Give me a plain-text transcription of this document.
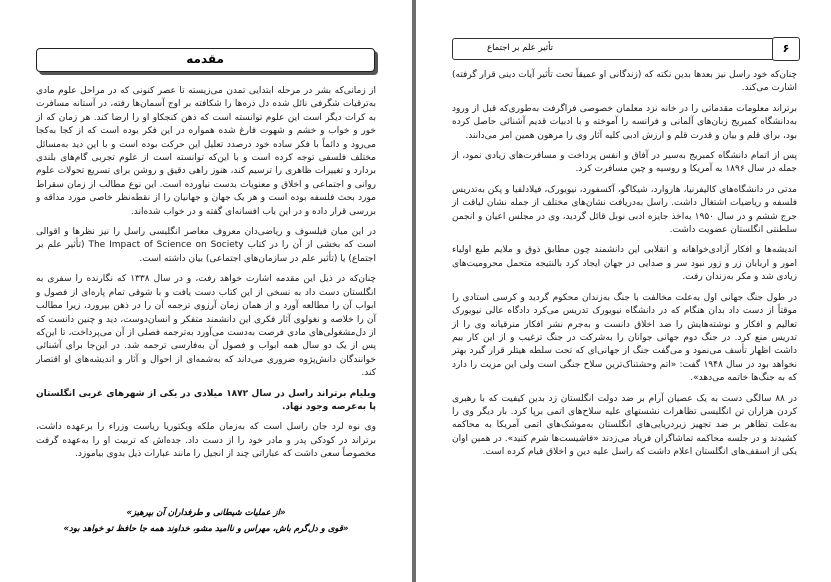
مقدمه

از زمانی‌که بشر در مرحله ابتدایی تمدن می‌زیسته تا عصر کنونی که در مراحل علوم مادی به‌ترقیات شگرفی نائل شده دل ذره‌ها را شکافته بر اوج آسمان‌ها رفته، در آستانه مسافرت به کرات دیگر است این علوم توانسته است که ذهن کنجکاو او را ارضا کند. هر زمان که از خور و خواب و خشم و شهوت فارغ شده همواره در این فکر بوده است که از کجا به‌کجا می‌رود و دائماً با فکر ساده خود درصدد تعلیل این حرکت بوده است و با این دید به‌مسائل مختلف فلسفی توجه کرده است و با این‌که توانسته است از علوم تجربی گام‌های بلندی بردارد و تغییرات ظاهری را ترسیم کند، هنوز راهی دقیق و روشن برای تسریع تحولات علوم روانی و اجتماعی و اخلاق و معنویات بدست نیاورده است. این نوع مطالب از زمان سقراط مورد بحث فلسفه بوده است و هر یک جهان و جهانیان را از نقطه‌نظر خاصی مورد مداقه و بررسی قرار داده و در این باب افسانه‌ای گفته و در خواب شده‌اند.

در این میان فیلسوف و ریاضی‌دان معروف معاصر انگلیسی راسل را نیز نظرها و اقوالی است که بخشی از آن را در کتاب The Impact of Science on Society (تأثیر علم بر اجتماع) یا (تأثیر علم در سازمان‌های اجتماعی) بیان داشته است.

چنان‌که در ذیل این مقدمه اشارت خواهد رفت، و در سال ۱۳۳۸ که نگارنده را سفری به انگلستان دست داد به نسخی از این کتاب دست یافت و با شوقی تمام پاره‌ای از فصول و ابواب آن را مطالعه آورد و از همان زمان آرزوی ترجمه آن را در ذهن بپرورد، زیرا مطالب آن را خلاصه و نغولوی آثار فکری این دانشمند متفکر و انسان‌دوست، دید و چنین دانست که از دل‌مشغولی‌های مادی فرصت به‌دست می‌آورد به‌ترجمه فصلی از آن می‌پرداخت، تا این‌که پس از یک دو سال همه ابواب و فصول آن به‌فارسی ترجمه شد. در این‌جا برای آشنائی خوانندگان دانش‌پژوه ضروری می‌داند که به‌شمه‌ای از احوال و آثار و اندیشه‌های او اقتصار کند.

ویلیام برتراند راسل در سال ۱۸۷۲ میلادی در یکی از شهرهای غربی انگلستان پا به‌عرصه وجود نهاد.

وی نوه لرد جان راسل است که به‌زمان ملکه ویکتوریا ریاست وزراء را برعهده داشت، برتراند در کودکی پدر و مادر خود را از دست داد. جده‌اش که تربیت او را به‌عهده گرفت مخصوصاً سعی داشت که عباراتی چند از انجیل را مانند عبارات ذیل بدوی بیاموزد.

«از عملیات شیطانی و طرفداران آن بپرهیز»
«قوی و دل‌گرم باش، مهراس و ناامید مشو، خداوند همه جا حافظ تو خواهد بود»
تأثیر علم بر اجتماع	۶

چنان‌که خود راسل نیز بعدها بدین نکته که (زندگانی او عمیقاً تحت تأثیر آیات دینی قرار گرفته) اشارت می‌کند.

برتراند معلومات مقدماتی را در خانه نزد معلمان خصوصی فراگرفت به‌طوری‌که قبل از ورود به‌دانشگاه کمبریج زبان‌های آلمانی و فرانسه را آموخته و با ادبیات قدیم آشنائی حاصل کرده بود، برای قلم و بیان و قدرت قلم و ارزش ادبی کلیه آثار وی را مرهون همین امر می‌دانند.

پس از اتمام دانشگاه کمبریج به‌سیر در آفاق و انفس پرداخت و مسافرت‌های زیادی نمود، از جمله در سال ۱۸۹۶ به آمریکا و روسیه و چین مسافرت کرد.

مدتی در دانشگاه‌های کالیفرنیا، هاروارد، شیکاگو، آکسفورد، نیویورک، فیلادلفیا و پکن به‌تدریس فلسفه و ریاضیات اشتغال داشت. راسل به‌دریافت نشان‌های مختلف از جمله نشان لیاقت از جرج ششم و در سال ۱۹۵۰ به‌اخذ جایزه ادبی نوبل قائل گردید، وی در مجلس اعیان و انجمن سلطنتی انگلستان عضویت داشت.

اندیشه‌ها و افکار آزادی‌خواهانه و انقلابی این دانشمند چون مطابق ذوق و ملایم طبع اولیاء امور و اربابان زر و زور نبود سر و صدایی در جهان ایجاد کرد بالنتیجه متحمل محرومیت‌های زیادی شد و مکر به‌زندان رفت.

در طول جنگ جهانی اول به‌علت مخالفت با جنگ به‌زندان محکوم گردید و کرسی استادی را موقتاً از دست داد بدان هنگام که در دانشگاه نیویورک تدریس می‌کرد دادگاه عالی نیویورک تعالیم و افکار و نوشته‌هایش را ضد اخلاق دانست و به‌جرم نشر افکار منرقیانه وی را از تدریس منع کرد. در جنگ دوم جهانی جوانان را به‌شرکت در جنگ ترغیب و از این کار بیم داشت اظهار تأسف می‌نمود و می‌گفت جنگ از جهانی‌ای که تحت سلطه هیتلر قرار گیرد بهتر نخواهد بود در سال ۱۹۴۸ گفت: «اتم وحشتناک‌ترین سلاح جنگی است ولی این مزیت را دارد که به جنگ‌ها خاتمه می‌دهد».

در ۸۸ سالگی دست به یک عصیان آرام بر ضد دولت انگلستان زد بدین کیفیت که با رهبری کردن هزاران تن انگلیسی تظاهرات نشستهای علیه سلاح‌های اتمی برپا کرد. بار دیگر وی را به‌علت تظاهر بر ضد تجهیز زیردریایی‌های انگلستان به‌موشک‌های اتمی آمریکا به محاکمه کشیدند و در جلسه محاکمه تماشاگران فریاد می‌زدند «فاشیست‌ها شرم کنید». در همین اوان یکی از اسقف‌های انگلستان اعلام داشت که راسل علیه دین و اخلاق قیام کرده است.
